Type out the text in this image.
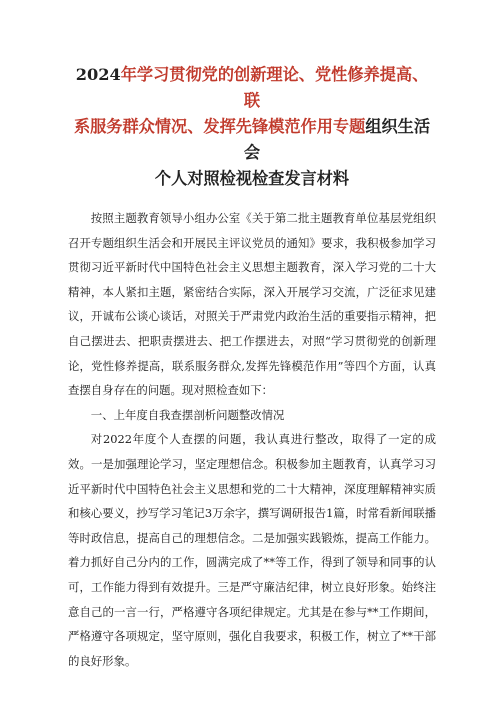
2024年学习贯彻党的创新理论、党性修养提高、联
系服务群众情况、发挥先锋模范作用专题组织生活会
个人对照检视检查发言材料

按照主题教育领导小组办公室《关于第二批主题教育单位基层党组织召开专题组织生活会和开展民主评议党员的通知》要求，我积极参加学习贯彻习近平新时代中国特色社会主义思想主题教育，深入学习党的二十大精神，本人紧扣主题，紧密结合实际，深入开展学习交流，广泛征求见建议，开诚布公谈心谈话，对照关于严肃党内政治生活的重要指示精神，把自己摆进去、把职责摆进去、把工作摆进去，对照“学习贯彻党的创新理论，党性修养提高，联系服务群众,发挥先锋模范作用”等四个方面，认真查摆自身存在的问题。现对照检查如下：

一、上年度自我查摆剖析问题整改情况

对2022年度个人查摆的问题，我认真进行整改，取得了一定的成效。一是加强理论学习，坚定理想信念。积极参加主题教育，认真学习习近平新时代中国特色社会主义思想和党的二十大精神，深度理解精神实质和核心要义，抄写学习笔记3万余字，撰写调研报告1篇，时常看新闻联播等时政信息，提高自己的理想信念。二是加强实践锻炼，提高工作能力。着力抓好自己分内的工作，圆满完成了**等工作，得到了领导和同事的认可，工作能力得到有效提升。三是严守廉洁纪律，树立良好形象。始终注意自己的一言一行，严格遵守各项纪律规定。尤其是在参与**工作期间，严格遵守各项规定，坚守原则，强化自我要求，积极工作，树立了**干部的良好形象。
